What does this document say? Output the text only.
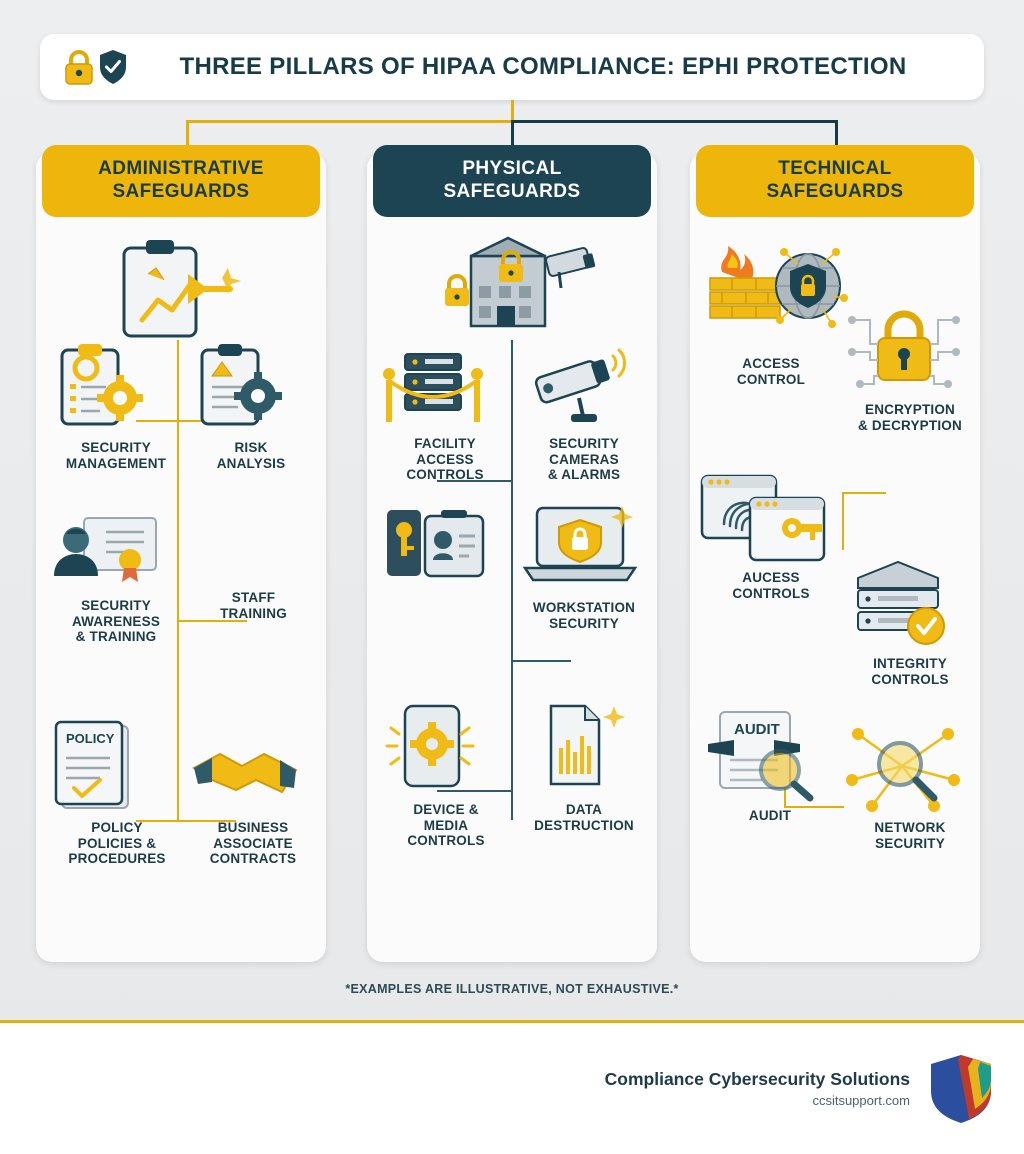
THREE PILLARS OF HIPAA COMPLIANCE: EPHI PROTECTION
ADMINISTRATIVE
SAFEGUARDS
SECURITY
MANAGEMENT
RISK
ANALYSIS
SECURITY
AWARENESS
& TRAINING
STAFF
TRAINING
POLICY
POLICY
POLICIES &
PROCEDURES
BUSINESS
ASSOCIATE
CONTRACTS
PHYSICAL
SAFEGUARDS
FACILITY
ACCESS
CONTROLS
SECURITY
CAMERAS
& ALARMS
WORKSTATION
SECURITY
DEVICE &
MEDIA
CONTROLS
DATA
DESTRUCTION
TECHNICAL
SAFEGUARDS
ACCESS
CONTROL
ENCRYPTION
& DECRYPTION
AUCESS
CONTROLS
INTEGRITY
CONTROLS
AUDIT
AUDIT
NETWORK
SECURITY
*EXAMPLES ARE ILLUSTRATIVE, NOT EXHAUSTIVE.*
Compliance Cybersecurity Solutions
ccsitsupport.com
